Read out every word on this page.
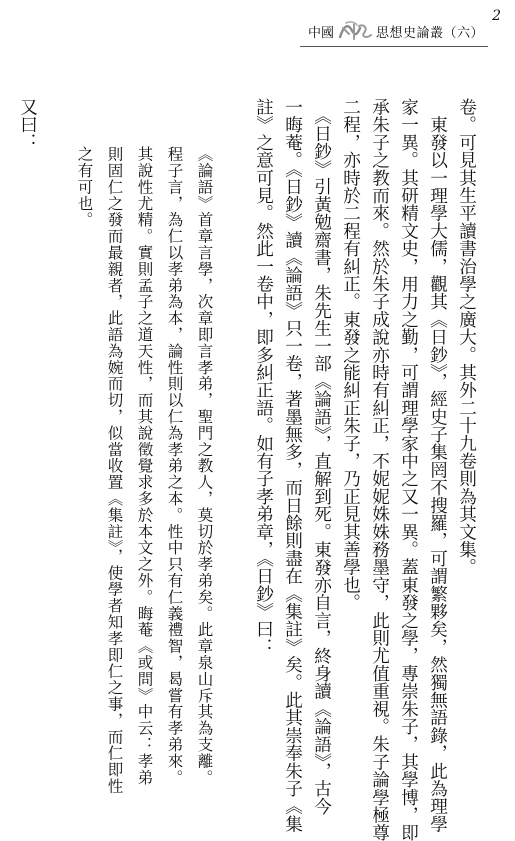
2
中國	思想史論叢（六）
卷。可見其生平讀書治學之廣大。其外二十九卷則為其文集。
　東發以一理學大儒，觀其《日鈔》，經史子集罔不搜羅，可謂繁夥矣，然獨無語錄，此為理學
家一異。其研精文史，用力之勤，可謂理學家中之又一異。蓋東發之學，專崇朱子，其學博，即
承朱子之教而來。然於朱子成說亦時有糾正，不妮妮姝姝務墨守，此則尤值重視。朱子論學極尊
二程，亦時於二程有糾正。東發之能糾正朱子，乃正見其善學也。
　《日鈔》引黃勉齋書，朱先生一部《論語》，直解到死。東發亦自言，終身讀《論語》，古今
一晦菴。《日鈔》讀《論語》只一卷，著墨無多，而日餘則盡在《集註》矣。此其崇奉朱子《集
註》之意可見。然此一卷中，即多糾正語。如有子孝弟章，《日鈔》曰：
《論語》首章言學，次章即言孝弟，聖門之教人，莫切於孝弟矣。此章泉山斥其為支離。
程子言，為仁以孝弟為本，論性則以仁為孝弟之本。性中只有仁義禮智，曷嘗有孝弟來。
其說性尤精。實則孟子之道天性，而其說徵覺求多於本文之外。晦菴《或問》中云：孝弟
則固仁之發而最親者，此語為婉而切，似當收置《集註》，使學者知孝即仁之事，而仁即性
之有可也。
又曰：
